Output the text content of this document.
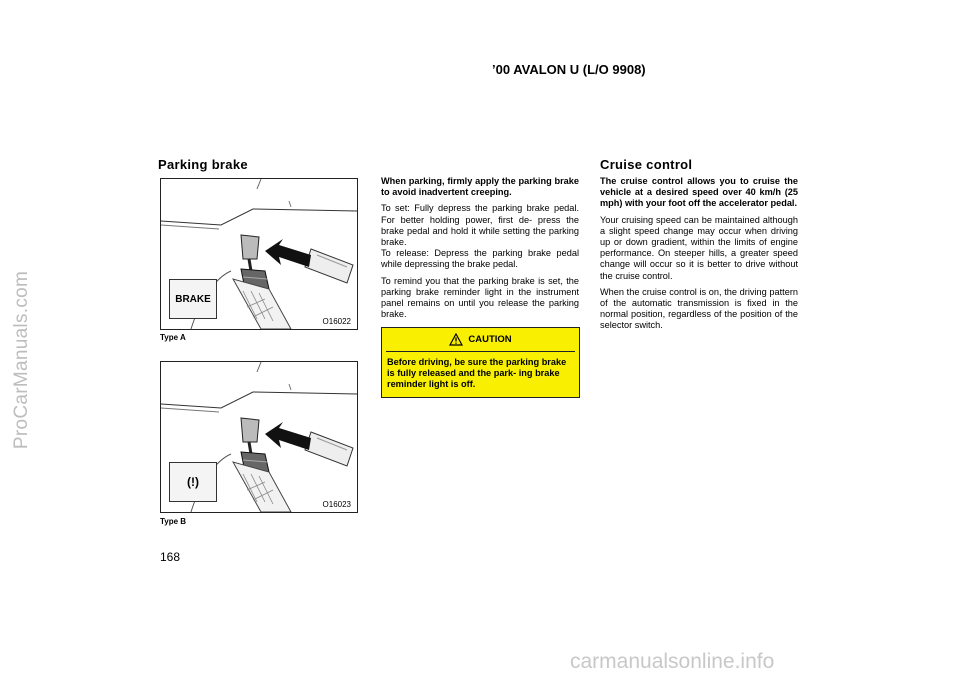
ProCarManuals.com
’00 AVALON U (L/O 9908)
Parking brake	Cruise control
BRAKE
O16022
Type A
(!)
O16023
Type B
168

When parking, firmly apply the parking brake to avoid inadvertent creeping.

To set: Fully depress the parking brake pedal. For better holding power, first de- press the brake pedal and hold it while setting the parking brake.

To release: Depress the parking brake pedal while depressing the brake pedal.

To remind you that the parking brake is set, the parking brake reminder light in the instrument panel remains on until you release the parking brake.

CAUTION
Before driving, be sure the parking brake is fully released and the park- ing brake reminder light is off.

The cruise control allows you to cruise the vehicle at a desired speed over 40 km/h (25 mph) with your foot off the accelerator pedal.

Your cruising speed can be maintained although a slight speed change may occur when driving up or down gradient, within the limits of engine performance. On steeper hills, a greater speed change will occur so it is better to drive without the cruise control.

When the cruise control is on, the driving pattern of the automatic transmission is fixed in the normal position, regardless of the position of the selector switch.

carmanualsonline.info
